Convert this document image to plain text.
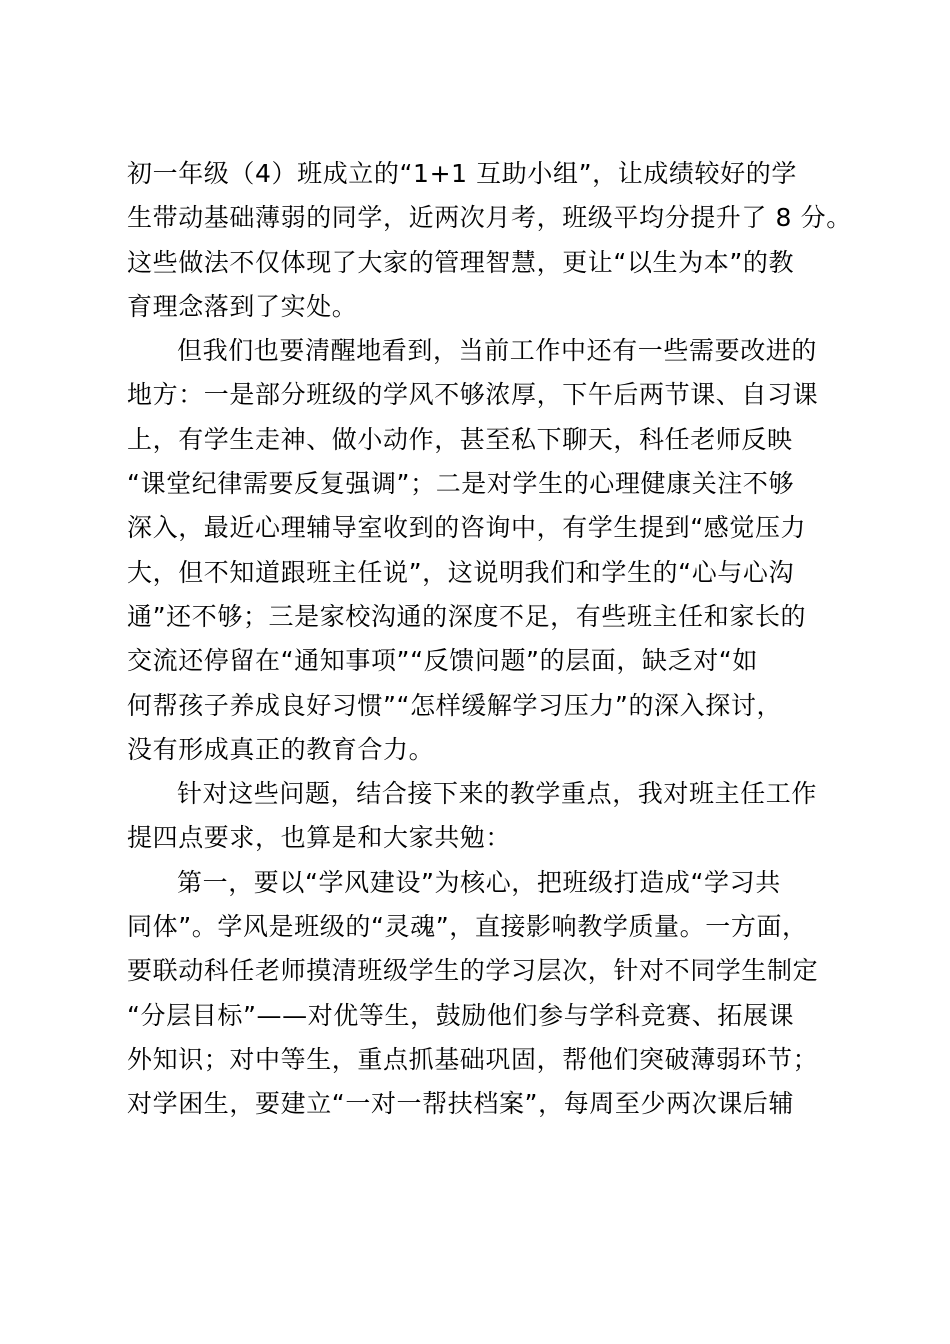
初一年级（4）班成立的“1+1 互助小组”，让成绩较好的学
生带动基础薄弱的同学，近两次月考，班级平均分提升了 8 分。
这些做法不仅体现了大家的管理智慧，更让“以生为本”的教
育理念落到了实处。
但我们也要清醒地看到，当前工作中还有一些需要改进的
地方：一是部分班级的学风不够浓厚，下午后两节课、自习课
上，有学生走神、做小动作，甚至私下聊天，科任老师反映
“课堂纪律需要反复强调”；二是对学生的心理健康关注不够
深入，最近心理辅导室收到的咨询中，有学生提到“感觉压力
大，但不知道跟班主任说”，这说明我们和学生的“心与心沟
通”还不够；三是家校沟通的深度不足，有些班主任和家长的
交流还停留在“通知事项”“反馈问题”的层面，缺乏对“如
何帮孩子养成良好习惯”“怎样缓解学习压力”的深入探讨，
没有形成真正的教育合力。
针对这些问题，结合接下来的教学重点，我对班主任工作
提四点要求，也算是和大家共勉：
第一，要以“学风建设”为核心，把班级打造成“学习共
同体”。学风是班级的“灵魂”，直接影响教学质量。一方面，
要联动科任老师摸清班级学生的学习层次，针对不同学生制定
“分层目标”——对优等生，鼓励他们参与学科竞赛、拓展课
外知识；对中等生，重点抓基础巩固，帮他们突破薄弱环节；
对学困生，要建立“一对一帮扶档案”，每周至少两次课后辅
